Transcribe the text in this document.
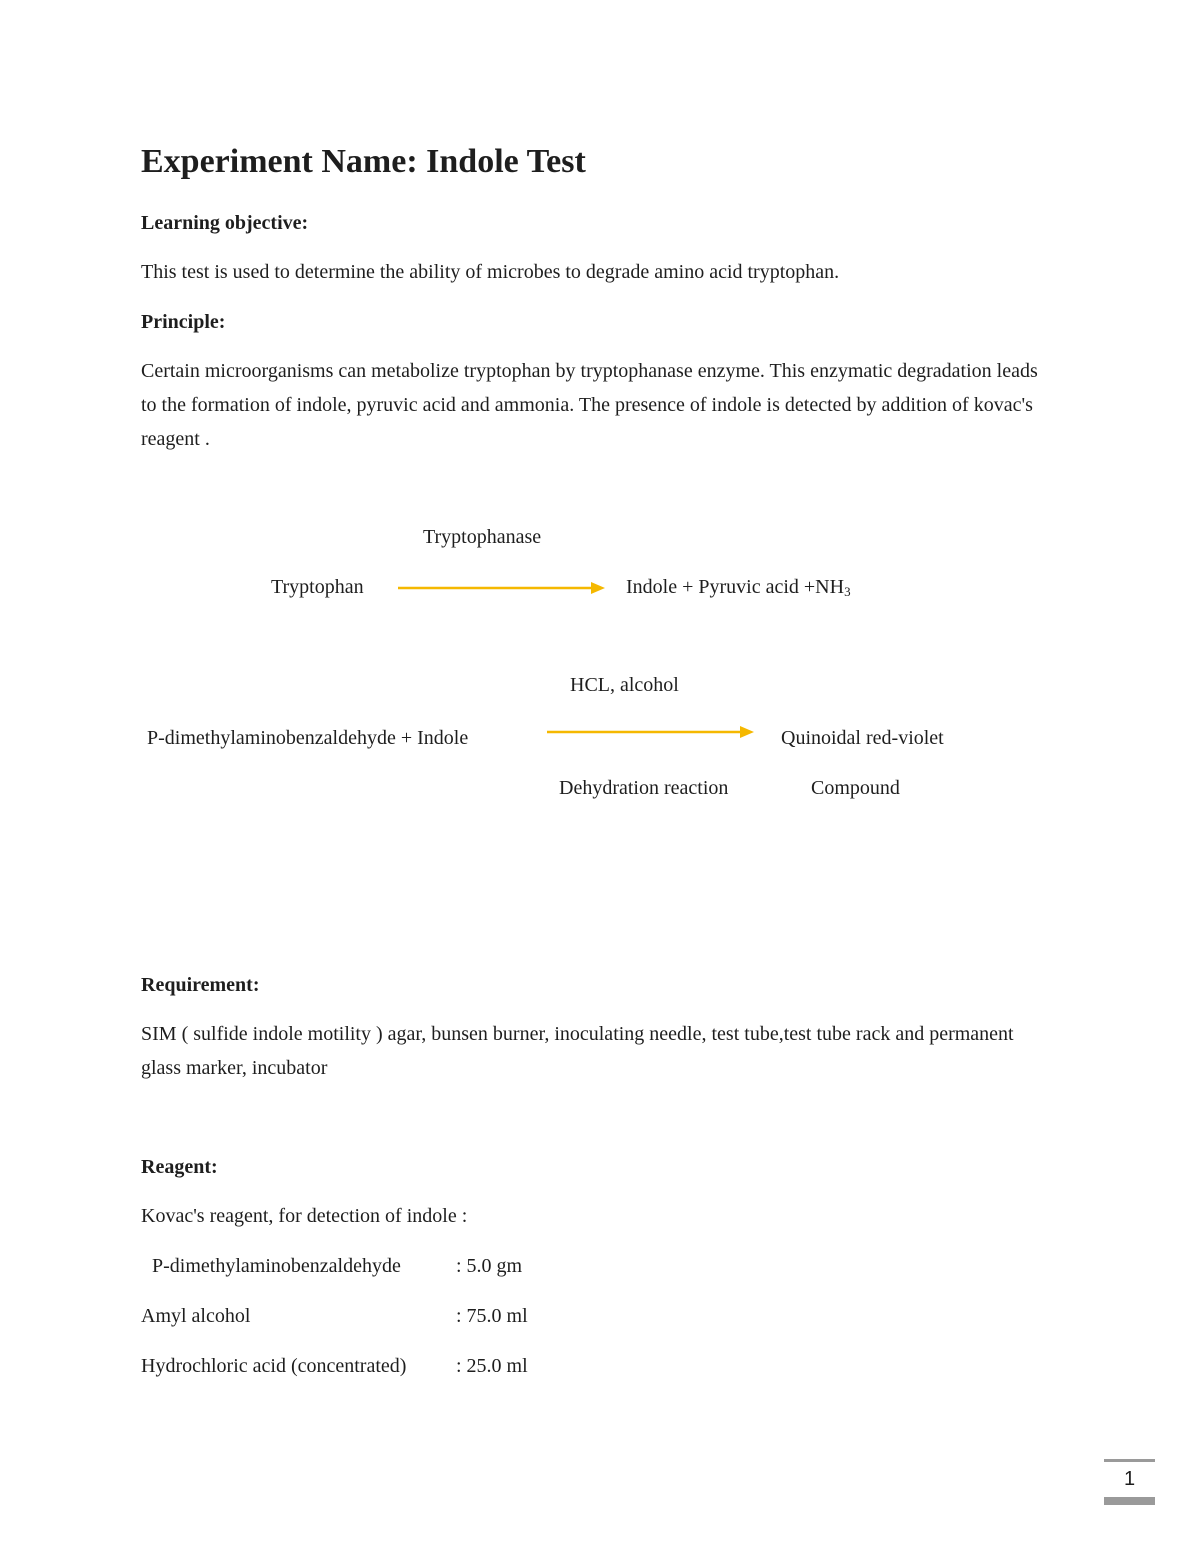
Experiment Name: Indole Test
Learning objective:
This test is used to determine the ability of microbes to degrade amino acid tryptophan.
Principle:
Certain microorganisms can metabolize tryptophan by tryptophanase enzyme. This enzymatic degradation leads to the formation of indole, pyruvic acid and ammonia. The presence of indole is detected by addition of kovac's reagent .
Tryptophanase
Tryptophan	Indole + Pyruvic acid $+NH_3$
HCL, alcohol
P-dimethylaminobenzaldehyde + Indole	Quinoidal red-violet
Dehydration reaction	Compound
Requirement:
SIM ( sulfide indole motility ) agar, bunsen burner, inoculating needle, test tube,test tube rack and permanent glass marker, incubator
Reagent:
Kovac's reagent, for detection of indole :
P-dimethylaminobenzaldehyde	: 5.0 gm
Amyl alcohol	: 75.0 ml
Hydrochloric acid (concentrated) : 25.0 ml
1
